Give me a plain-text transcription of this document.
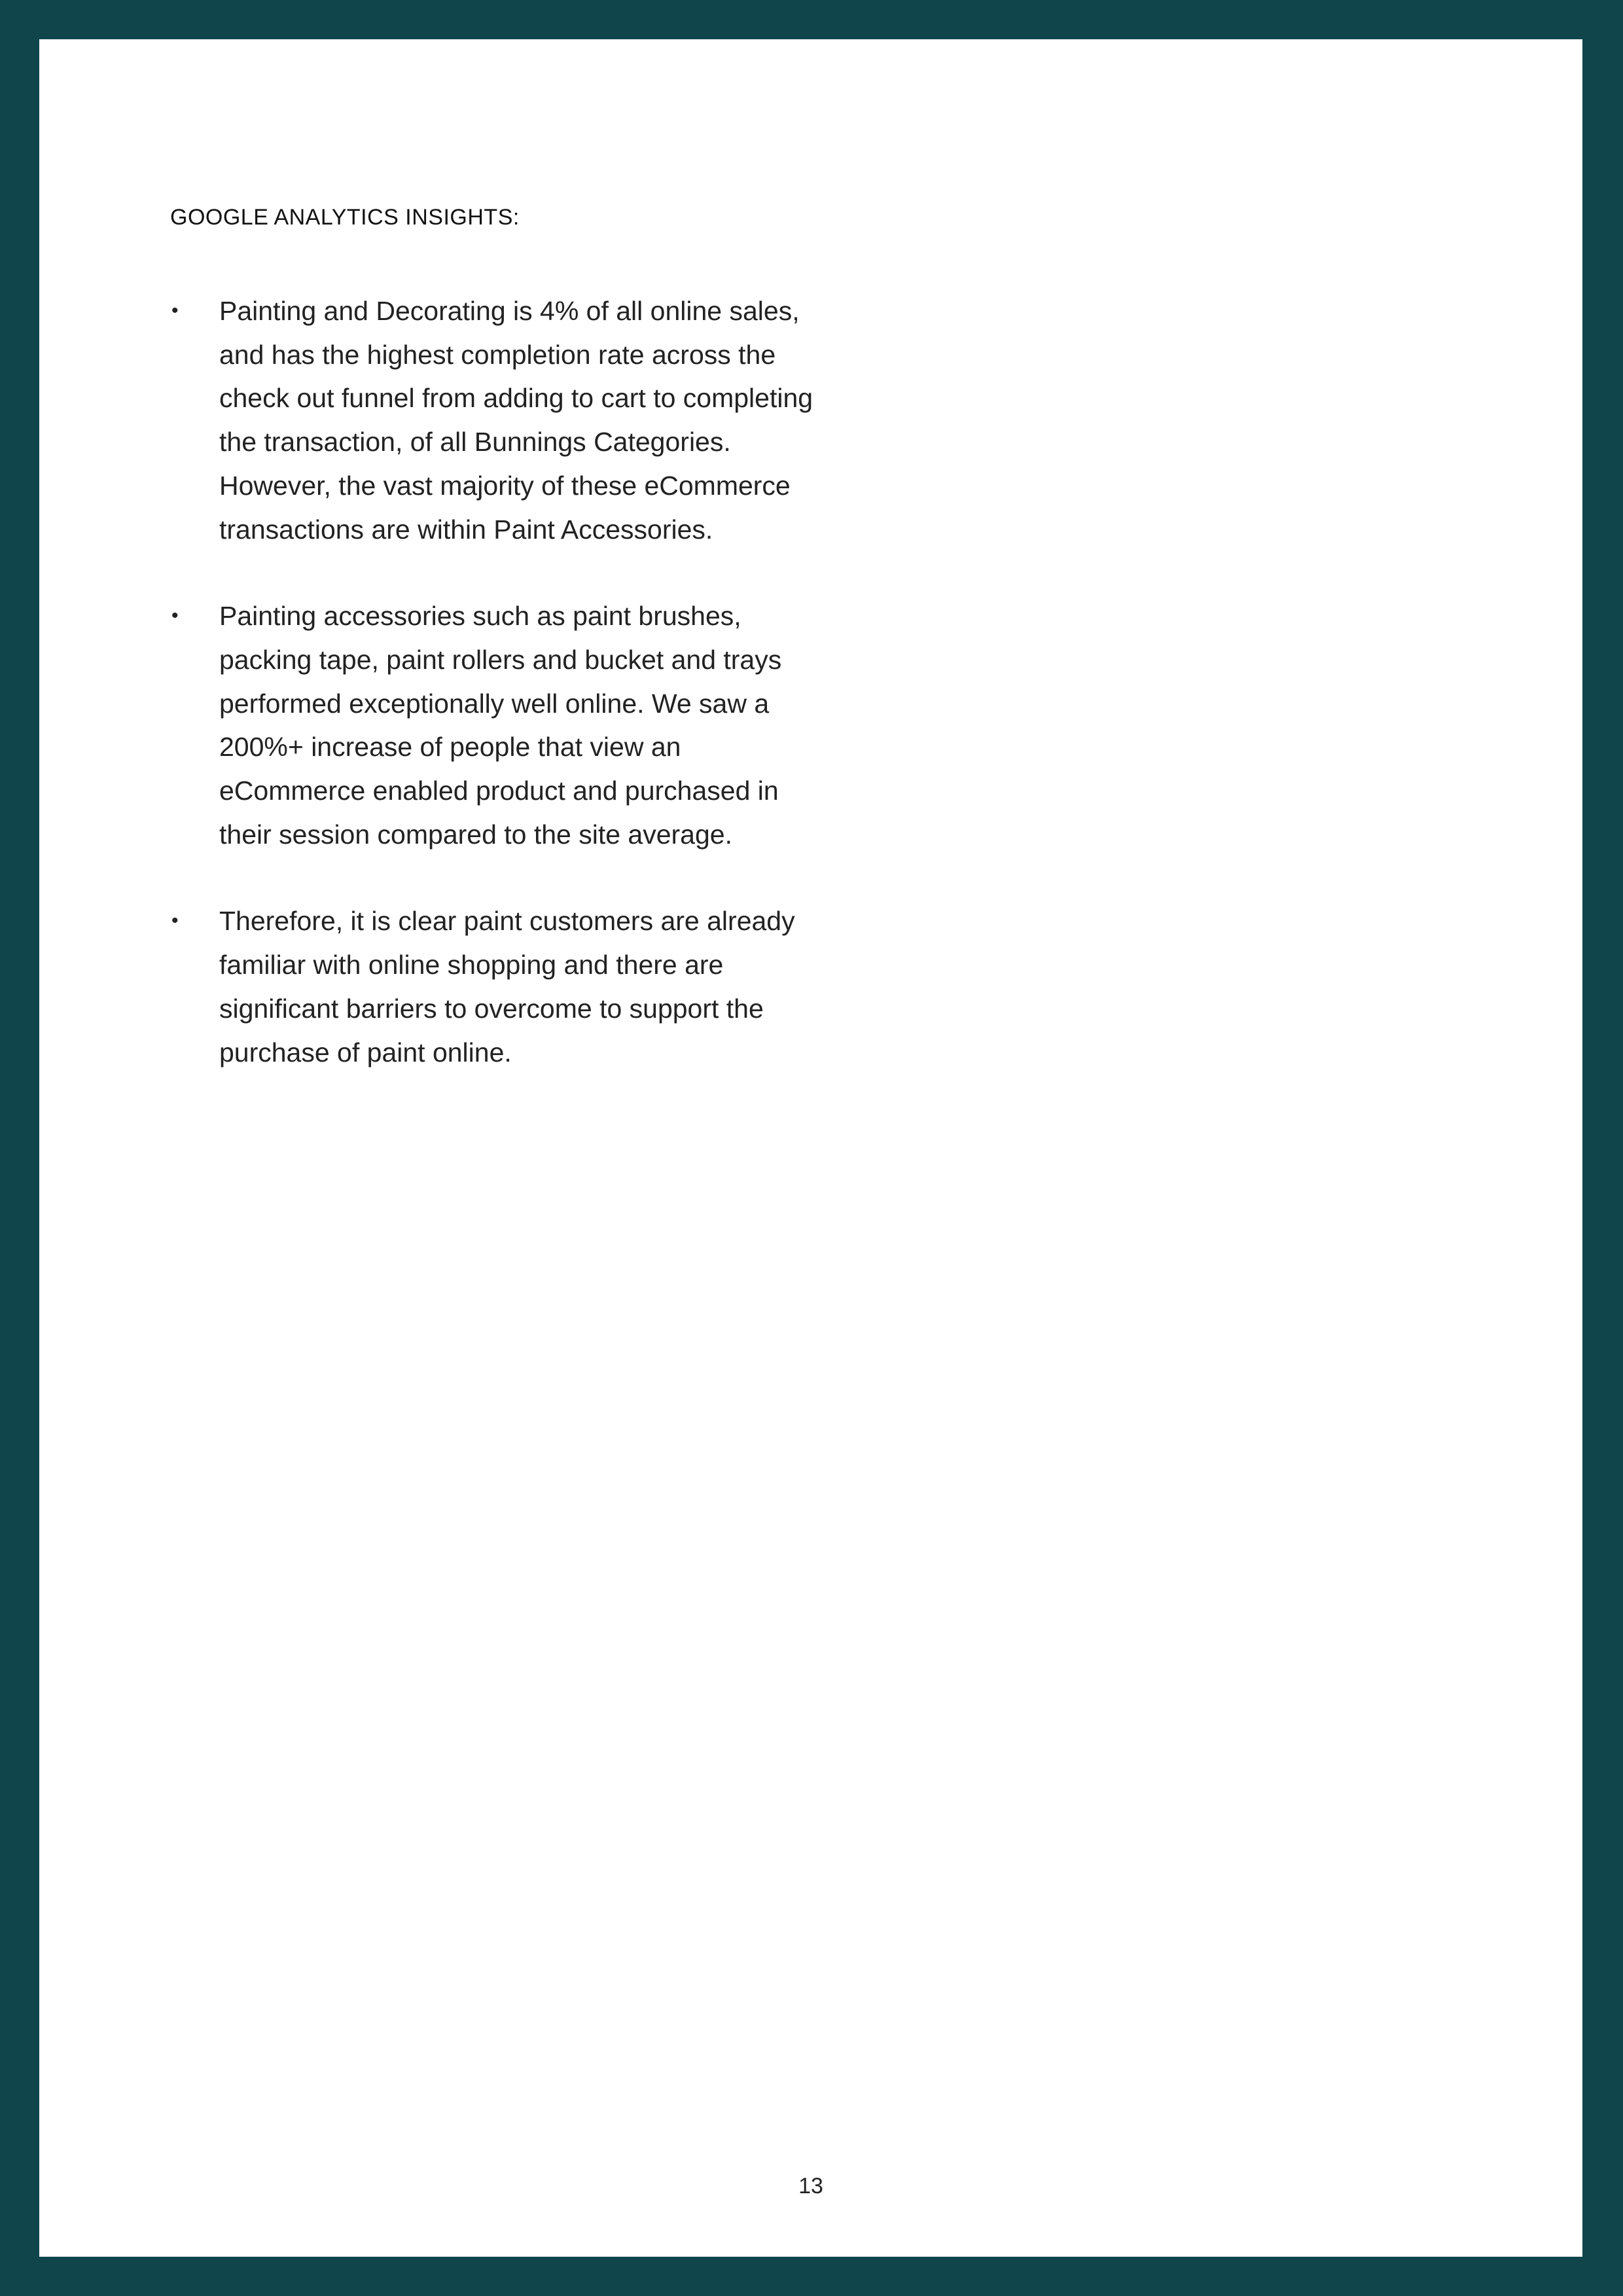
GOOGLE ANALYTICS INSIGHTS:
• Painting and Decorating is 4% of all online sales, and has the highest completion rate across the check out funnel from adding to cart to completing the transaction, of all Bunnings Categories. However, the vast majority of these eCommerce transactions are within Paint Accessories.
• Painting accessories such as paint brushes, packing tape, paint rollers and bucket and trays performed exceptionally well online. We saw a 200%+ increase of people that view an eCommerce enabled product and purchased in their session compared to the site average.
• Therefore, it is clear paint customers are already familiar with online shopping and there are significant barriers to overcome to support the purchase of paint online.
13
